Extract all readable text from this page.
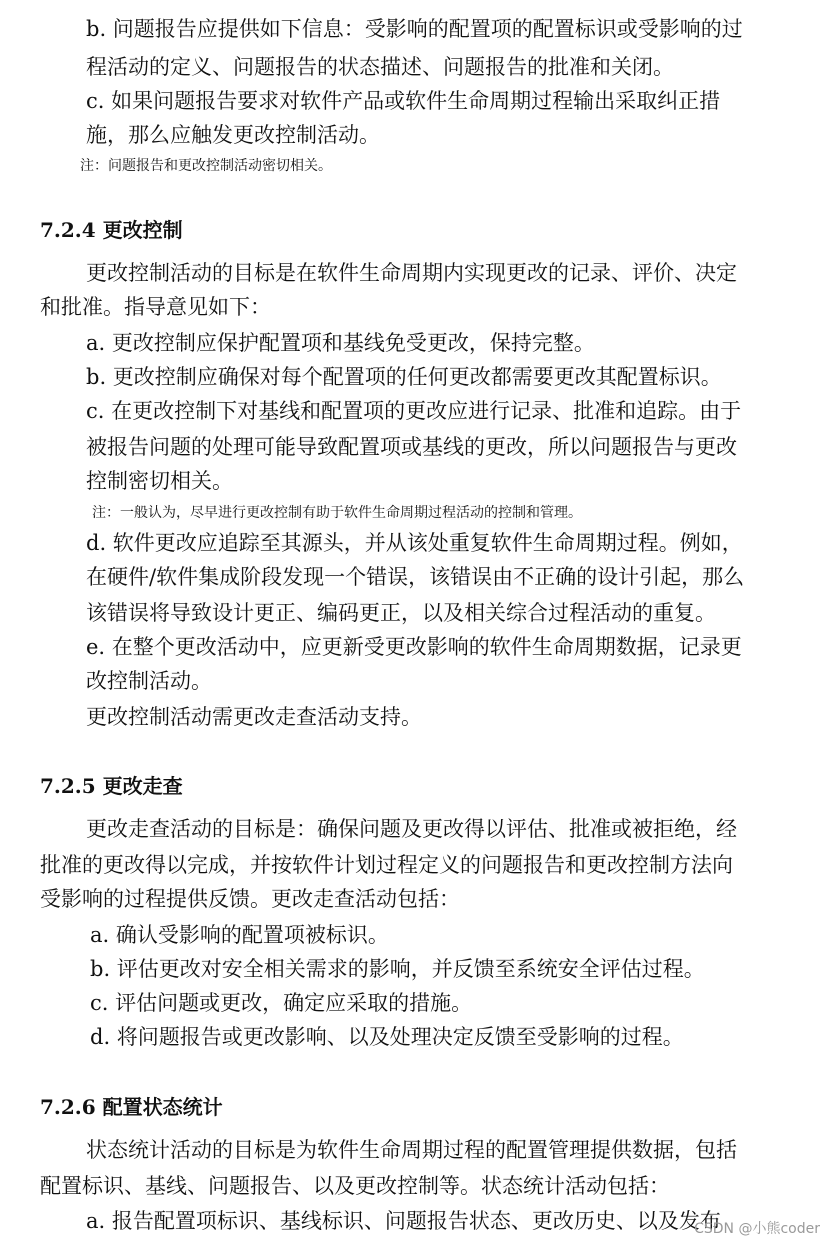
b. 问题报告应提供如下信息：受影响的配置项的配置标识或受影响的过
程活动的定义、问题报告的状态描述、问题报告的批准和关闭。
c. 如果问题报告要求对软件产品或软件生命周期过程输出采取纠正措
施，那么应触发更改控制活动。
注：问题报告和更改控制活动密切相关。
7.2.4 更改控制
更改控制活动的目标是在软件生命周期内实现更改的记录、评价、决定
和批准。指导意见如下：
a. 更改控制应保护配置项和基线免受更改，保持完整。
b. 更改控制应确保对每个配置项的任何更改都需要更改其配置标识。
c. 在更改控制下对基线和配置项的更改应进行记录、批准和追踪。由于
被报告问题的处理可能导致配置项或基线的更改，所以问题报告与更改
控制密切相关。
注：一般认为，尽早进行更改控制有助于软件生命周期过程活动的控制和管理。
d. 软件更改应追踪至其源头，并从该处重复软件生命周期过程。例如，
在硬件/软件集成阶段发现一个错误，该错误由不正确的设计引起，那么
该错误将导致设计更正、编码更正，以及相关综合过程活动的重复。
e. 在整个更改活动中，应更新受更改影响的软件生命周期数据，记录更
改控制活动。
更改控制活动需更改走查活动支持。
7.2.5 更改走查
更改走查活动的目标是：确保问题及更改得以评估、批准或被拒绝，经
批准的更改得以完成，并按软件计划过程定义的问题报告和更改控制方法向
受影响的过程提供反馈。更改走查活动包括：
a. 确认受影响的配置项被标识。
b. 评估更改对安全相关需求的影响，并反馈至系统安全评估过程。
c. 评估问题或更改，确定应采取的措施。
d. 将问题报告或更改影响、以及处理决定反馈至受影响的过程。
7.2.6 配置状态统计
状态统计活动的目标是为软件生命周期过程的配置管理提供数据，包括
配置标识、基线、问题报告、以及更改控制等。状态统计活动包括：
a. 报告配置项标识、基线标识、问题报告状态、更改历史、以及发布
CSDN @小熊coder
